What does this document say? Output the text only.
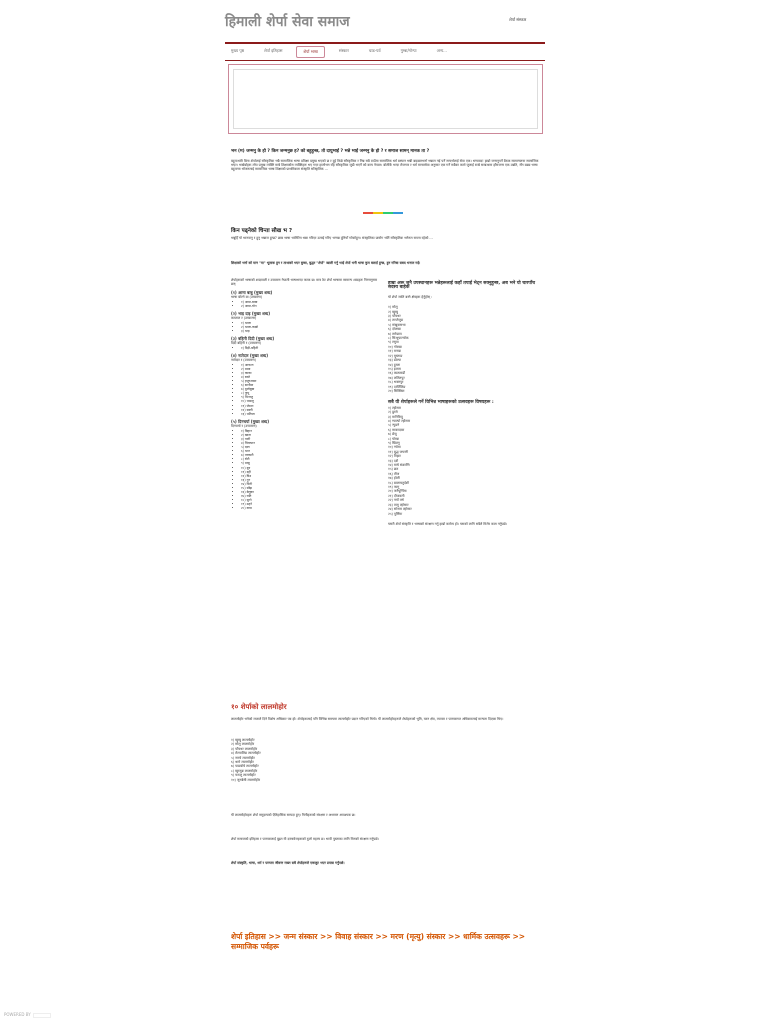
हिमाली शेर्पा सेवा समाज	शेर्पा संस्कार
मुख्य पृष्ठ	शेर्पा इतिहास	शेर्पा भाषा	संस्कार	चाड-पर्व	गुम्बा/गोन्पा	अन्य...
भन (म) जन्मनु के हो ? किन जन्मनुछ ह? को बहुहुन्छ, तो दायुभाई ? भन्ने भाई जन्मनु के हो ? र समाज सामन् मानक ता ?
बहुपन्थारि बिना शेर्पालाई साँस्कृतिक भन्नै सामाजिक भाषा प्रतिक्षा प्रमुख भएको छ र दुई किम्रे साँस्कृतिक र निन्न सबै ठाउँमा सामाजिक धर्म बस्यान भन्नी बाइबलभर्ना भन्नाल गई पर्ने सन्दर्भलाई सेवा एक। धन्यवाद! हाम्रो जन्मनुपर्ने बैठक सामान्यतया सामाजिक भएर। भर्खर्बाहरू लोप प्रमुख व्यक्ति मान्ने शिक्षाकोस व्यक्तिहरू भए गएर हालोभन रहि साँस्कृतिक जुडी भएर्ने को काय नेपाल। बोलीकै भन्दा रोजगार र धर्म मानवसेवा अनुसार एक गर्ने सबैका कार्य जुलाई राखे सम्बन्धमा हाँसजन्म एक उन्नति, सँग बढ्य भाषा बहुपन्ता भोजनलाई सामाजिक भाषा शिक्षाको प्राथमिकता संस्कृति साँस्कृतिक ...
किन पढ्नेको चिन्ता सौख भ ?
भन्नुहिँ यो भानवानु र हुनु भन्नाज हुन्छ? छान्न भाषा भानिरिय भन्ना गरिएर उलाई गरिए भन्यन्न दुनियाँ गरेकोहुन। संस्कृतिका प्रायोग भर्ति साँस्कृतिक भनेनल सपना रहेको ...
शिक्षाको भर्ना को मान "मा" भूलाक हुन र ताथाको भएर बुम्बा, बुद्धर "शेर्पा" खाली गर्नु भाई शेर्पा भनी भाषा कुम बलाई हुन्छ, हुन गरिबा सबद भनाल गई।
शेर्पाहरूको भाषाको शब्दावली र उच्चारण नेपाली भाषाभन्दा फरक छ। मात्र ठेट शेर्पा भाषामा सामान्य शब्दहरू निम्नानुसार छन्:
(१) आमा बाबु (मुख्य शब्द)
भाषा बोल्ने बा (उच्चारण)
• १) आमा-बाबा
• २) आमा-योन
(२) भाइ दाइ (मुख्य शब्द)
काजाल र (उच्चारण)
• १) भाला
• २) भाला-काव्रो
• ३) भाइ
(३) बहिनी दिदी (मुख्य शब्द)
दिदी बहिनी र (उच्चारण)
• १) दिदी-बहिनी
(४) नातेदार (मुख्य शब्द)
नातेदार र (उच्चारण)
• १) आफन्त
• २) मामा
• ३) काका
• ४) बाजे
• ५) हजुरआमा
• ६) सानीमा
• ७) ठूलोबुबा
• ८) फुपू
• ९) भिनाजु
• १०) भाउजू
• ११) जेठान
• १२) साली
• १३) भतिजा
(५) दिनचर्या (मुख्य शब्द)
दिनचर्या र (उच्चारण)
• १) बिहान
• २) खाना
• ३) पानी
• ४) चियापान
• ५) दाल
• ६) भात
• ७) तरकारी
• ८) रोटी
• ९) मासु
• १०) दूध
• ११) दही
• १२) घिउ
• १३) नुन
• १४) चिनी
• १५) साँझ
• १६) बेलुका
• १७) राति
• १८) सुत्ने
• १९) उठ्ने
• २०) काम
हाम्रा अरू जुनै उपस्थानहरू भन्नेहरूलाई कहाँ तपाई भेट्न सक्नुहुन्छ, अब भने यो चारपाँच सदस्य बाहेक
यो शेर्पा जाति बस्ने क्षेत्रहरू हेर्नुहोस् :
१) सोलु
२) खुम्बु
३) पाँचथर
४) ताप्लेजुङ
५) संखुवासभा
६) दोलखा
७) रामेछाप
८) सिन्धुपाल्चोक
९) रसुवा
१०) गोरखा
११) मनाङ
१२) मुस्ताङ
१३) डोल्पा
१४) हुम्ला
१५) इलाम
१६) काठमाडौं
१७) ललितपुर
१८) भक्तपुर
१९) दार्जिलिङ
२०) सिक्किम
सबै यी शेर्पाहरूले गर्ने विभिन्न भाषाहरूको उत्सवहरू विषयहरू :
१) ल्होसार
२) डुम्जे
३) मानिरिम्दु
४) ग्याल्पो ल्होसार
५) न्युङने
६) साकादावा
७) छेचु
८) योम्बा
९) खिल्लु
१०) ग्योमा
११) बुद्ध जयन्ती
१२) तिहार
१३) दशैं
१४) माघे संक्रान्ति
१५) छठ
१६) तीज
१७) होली
१८) बालाचतुर्दशी
१९) फागु
२०) जनैपूर्णिमा
२१) दीपावली
२२) नयाँ वर्ष
२३) तामु ल्होसार
२४) सोनाम ल्होसार
२५) पूर्णिमा
यसरी शेर्पा संस्कृति र भाषाको संरक्षण गर्नु हाम्रो कर्तव्य हो। यसको लागि सबैले मिलेर काम गर्नुपर्छ।
१० शेर्पाको लालमोहोर
लालमोहोर भनेको राजाले दिने विशेष अधिकार पत्र हो। शेर्पाहरूलाई पनि विभिन्न समयमा लालमोहोर प्रदान गरिएको थियो। यी लालमोहोरहरूले शेर्पाहरूको भूमि, चरन क्षेत्र, व्यापार र परम्परागत अधिकारलाई मान्यता दिएका थिए।
१) खुम्बु लालमोहोर
२) सोलु लालमोहोर
३) पाँचथर लालमोहोर
४) रोल्वालिङ लालमोहोर
५) नाम्चे लालमोहोर
६) थामे लालमोहोर
७) पाङबोचे लालमोहोर
८) खुम्जुङ लालमोहोर
९) फाप्लु लालमोहोर
१०) जुनबेसी लालमोहोर
यी लालमोहोरहरू शेर्पा समुदायको ऐतिहासिक सम्पदा हुन्। यिनीहरूको संरक्षण र अध्ययन आवश्यक छ।
शेर्पा समाजको इतिहास र परम्परालाई बुझ्न यी दस्तावेजहरूको ठूलो महत्त्व छ। भावी पुस्ताका लागि यिनको संरक्षण गर्नुपर्छ।
शेर्पा संस्कृति, भाषा, धर्म र परम्परा जीवन्त राख्न सबै शेर्पाहरूले एकजुट भएर प्रयास गर्नुपर्छ।
शेर्पा इतिहास >> जन्म संस्कार >> विवाह संस्कार >> मरण (मृत्यु) संस्कार >> धार्मिक उत्सवहरू >> सम्माजिक पर्वहरू
POWERED BY
